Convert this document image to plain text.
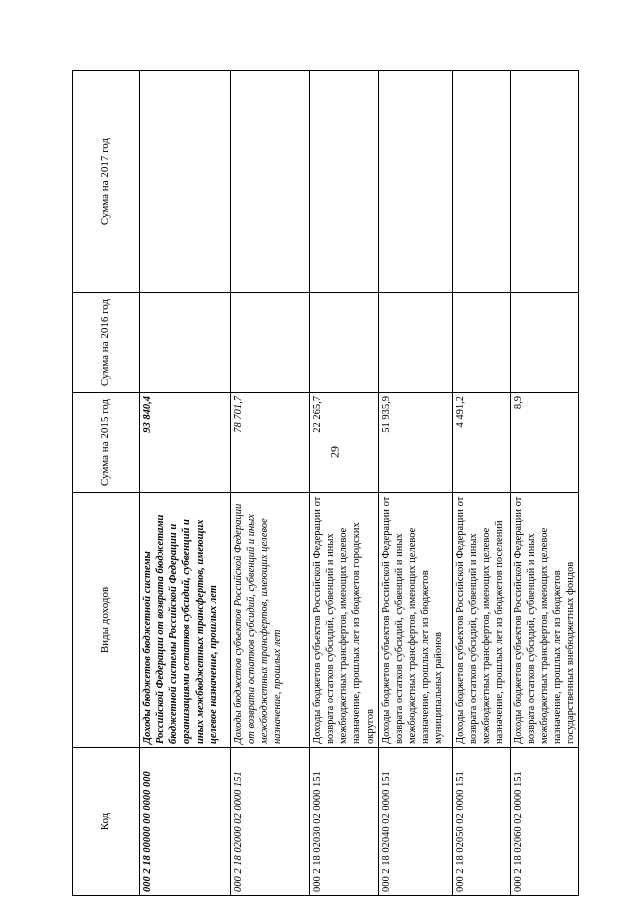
29
Код	Виды доходов	Сумма на 2015 год	Сумма на 2016 год	Сумма на 2017 год
000 2 18 00000 00 0000 000	Доходы бюджетов бюджетной системы Российской Федерации от возврата бюджетами бюджетной системы Российской Федерации и организациями остатков субсидий, субвенций и иных межбюджетных трансфертов, имеющих целевое назначение, прошлых лет	93 840,4		
000 2 18 02000 02 0000 151	Доходы бюджетов субъектов Российской Федерации от возврата остатков субсидий, субвенций и иных межбюджетных трансфертов, имеющих целевое назначение, прошлых лет	78 701,7		
000 2 18 02030 02 0000 151	Доходы бюджетов субъектов Российской Федерации от возврата остатков субсидий, субвенций и иных межбюджетных трансфертов, имеющих целевое назначение, прошлых лет из бюджетов городских округов	22 265,7		
000 2 18 02040 02 0000 151	Доходы бюджетов субъектов Российской Федерации от возврата остатков субсидий, субвенций и иных межбюджетных трансфертов, имеющих целевое назначение, прошлых лет из бюджетов муниципальных районов	51 935,9		
000 2 18 02050 02 0000 151	Доходы бюджетов субъектов Российской Федерации от возврата остатков субсидий, субвенций и иных межбюджетных трансфертов, имеющих целевое назначение, прошлых лет из бюджетов поселений	4 491,2		
000 2 18 02060 02 0000 151	Доходы бюджетов субъектов Российской Федерации от возврата остатков субсидий, субвенций и иных межбюджетных трансфертов, имеющих целевое назначение, прошлых лет из бюджетов государственных внебюджетных фондов	8,9		
